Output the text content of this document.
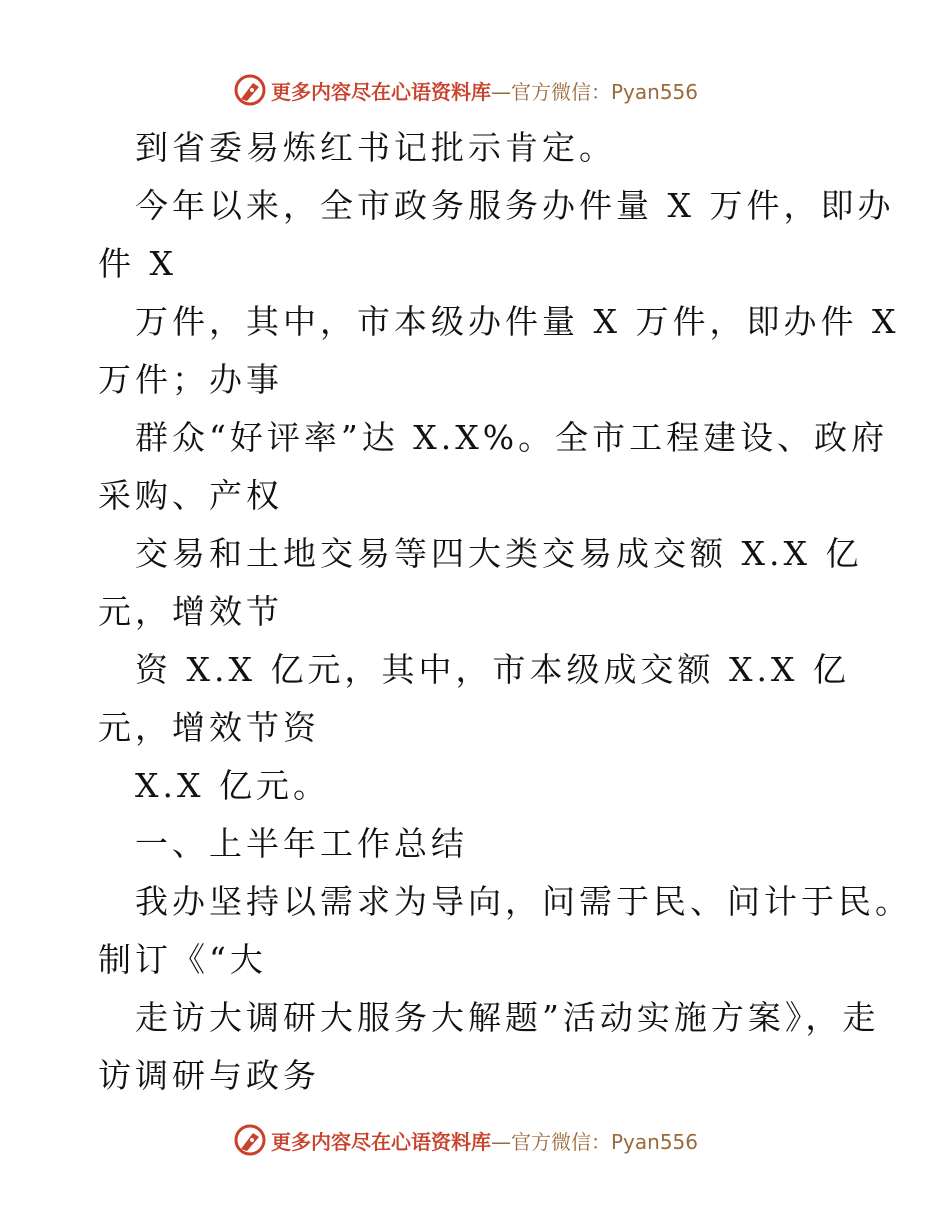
更多内容尽在心语资料库—官方微信：Pyan556
到省委易炼红书记批示肯定。
今年以来，全市政务服务办件量 X 万件，即办
件 X
万件，其中，市本级办件量 X 万件，即办件 X
万件；办事
群众“好评率”达 X.X%。全市工程建设、政府
采购、产权
交易和土地交易等四大类交易成交额 X.X 亿
元，增效节
资 X.X 亿元，其中，市本级成交额 X.X 亿
元，增效节资
X.X 亿元。
一、上半年工作总结
我办坚持以需求为导向，问需于民、问计于民。
制订《“大
走访大调研大服务大解题”活动实施方案》，走
访调研与政务
更多内容尽在心语资料库—官方微信：Pyan556
